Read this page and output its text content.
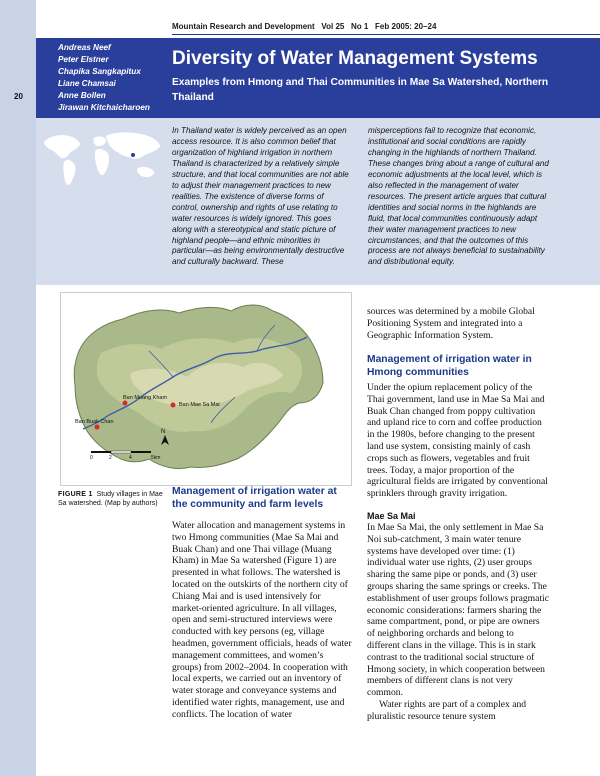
20
Mountain Research and Development Vol 25 No 1 Feb 2005: 20–24
Andreas Neef
Peter Elstner
Chapika Sangkapitux
Liane Chamsai
Anne Bollen
Jirawan Kitchaicharoen
Diversity of Water Management Systems
Examples from Hmong and Thai Communities in Mae Sa Watershed, Northern Thailand

In Thailand water is widely perceived as an open access resource. It is also common belief that organization of highland irrigation in northern Thailand is characterized by a relatively simple structure, and that local communities are not able to adjust their management practices to new realities. The existence of diverse forms of control, ownership and rights of use relating to water resources is widely ignored. This goes along with a stereotypical and static picture of highland people—and ethnic minorities in particular—as being environmentally destructive and culturally backward. These

misperceptions fail to recognize that economic, institutional and social conditions are rapidly changing in the highlands of northern Thailand. These changes bring about a range of cultural and economic adjustments at the local level, which is also reflected in the management of water resources. The present article argues that cultural identities and social norms in the highlands are fluid, that local communities continuously adapt their water management practices to new circumstances, and that the outcomes of this process are not always beneficial to sustainability and distributional equity.

Ban Mae Sa Mai
Ban Muang Kham
Ban Buak Chan
N
0	2	4	5km
FIGURE 1 Study villages in Mae Sa watershed. (Map by authors)
Management of irrigation water at the community and farm levels

Water allocation and management systems in two Hmong communities (Mae Sa Mai and Buak Chan) and one Thai village (Muang Kham) in Mae Sa watershed (Figure 1) are presented in what follows. The watershed is located on the outskirts of the northern city of Chiang Mai and is used intensively for market-oriented agriculture. In all villages, open and semi-structured interviews were conducted with key persons (eg, village headmen, government officials, heads of water management committees, and women’s groups) from 2002–2004. In cooperation with local experts, we carried out an inventory of water storage and conveyance systems and identified water rights, management, use and conflicts. The location of water

sources was determined by a mobile Global Positioning System and integrated into a Geographic Information System.

Management of irrigation water in Hmong communities

Under the opium replacement policy of the Thai government, land use in Mae Sa Mai and Buak Chan changed from poppy cultivation and upland rice to corn and coffee production in the 1980s, before changing to the present land use system, consisting mainly of cash crops such as flowers, vegetables and fruit trees. Today, a major proportion of the agricultural fields are irrigated by conventional sprinklers through gravity irrigation.

Mae Sa Mai

In Mae Sa Mai, the only settlement in Mae Sa Noi sub-catchment, 3 main water tenure systems have developed over time: (1) individual water use rights, (2) user groups sharing the same pipe or ponds, and (3) user groups sharing the same springs or creeks. The establishment of user groups follows pragmatic economic considerations: farmers sharing the same compartment, pond, or pipe are owners of neighboring orchards and belong to different clans in the village. This is in stark contrast to the traditional social structure of Hmong society, in which cooperation between members of different clans is not very common.

Water rights are part of a complex and pluralistic resource tenure system
